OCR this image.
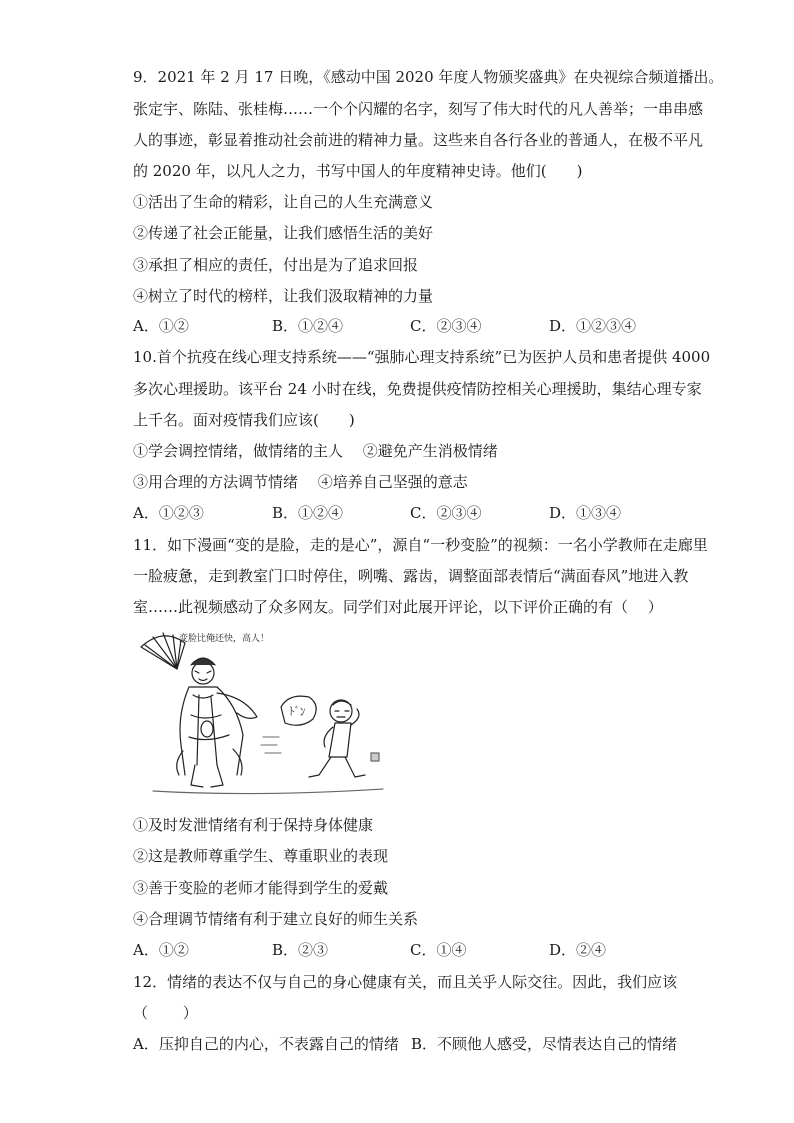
9．2021 年 2 月 17 日晚，《感动中国 2020 年度人物颁奖盛典》在央视综合频道播出。
张定宇、陈陆、张桂梅……一个个闪耀的名字，刻写了伟大时代的凡人善举；一串串感
人的事迹，彰显着推动社会前进的精神力量。这些来自各行各业的普通人，在极不平凡
的 2020 年，以凡人之力，书写中国人的年度精神史诗。他们(　　)
①活出了生命的精彩，让自己的人生充满意义
②传递了社会正能量，让我们感悟生活的美好
③承担了相应的责任，付出是为了追求回报
④树立了时代的榜样，让我们汲取精神的力量
A．①②	B．①②④	C．②③④	D．①②③④
10.首个抗疫在线心理支持系统——“强肺心理支持系统”已为医护人员和患者提供 4000
多次心理援助。该平台 24 小时在线，免费提供疫情防控相关心理援助，集结心理专家
上千名。面对疫情我们应该(　　)
①学会调控情绪，做情绪的主人　 ②避免产生消极情绪
③用合理的方法调节情绪　 ④培养自己坚强的意志
A．①②③	B．①②④	C．②③④	D．①③④
11．如下漫画“变的是脸，走的是心”，源自“一秒变脸”的视频：一名小学教师在走廊里
一脸疲惫，走到教室门口时停住，咧嘴、露齿，调整面部表情后“满面春风”地进入教
室……此视频感动了众多网友。同学们对此展开评论，以下评价正确的有（　 ）
ﾄﾞﾝ
变脸比俺还快，高人！
①及时发泄情绪有利于保持身体健康
②这是教师尊重学生、尊重职业的表现
③善于变脸的老师才能得到学生的爱戴
④合理调节情绪有利于建立良好的师生关系
A．①②	B．②③	C．①④	D．②④
12．情绪的表达不仅与自己的身心健康有关，而且关乎人际交往。因此，我们应该
（　　 ）
A．压抑自己的内心，不表露自己的情绪 B．不顾他人感受，尽情表达自己的情绪
